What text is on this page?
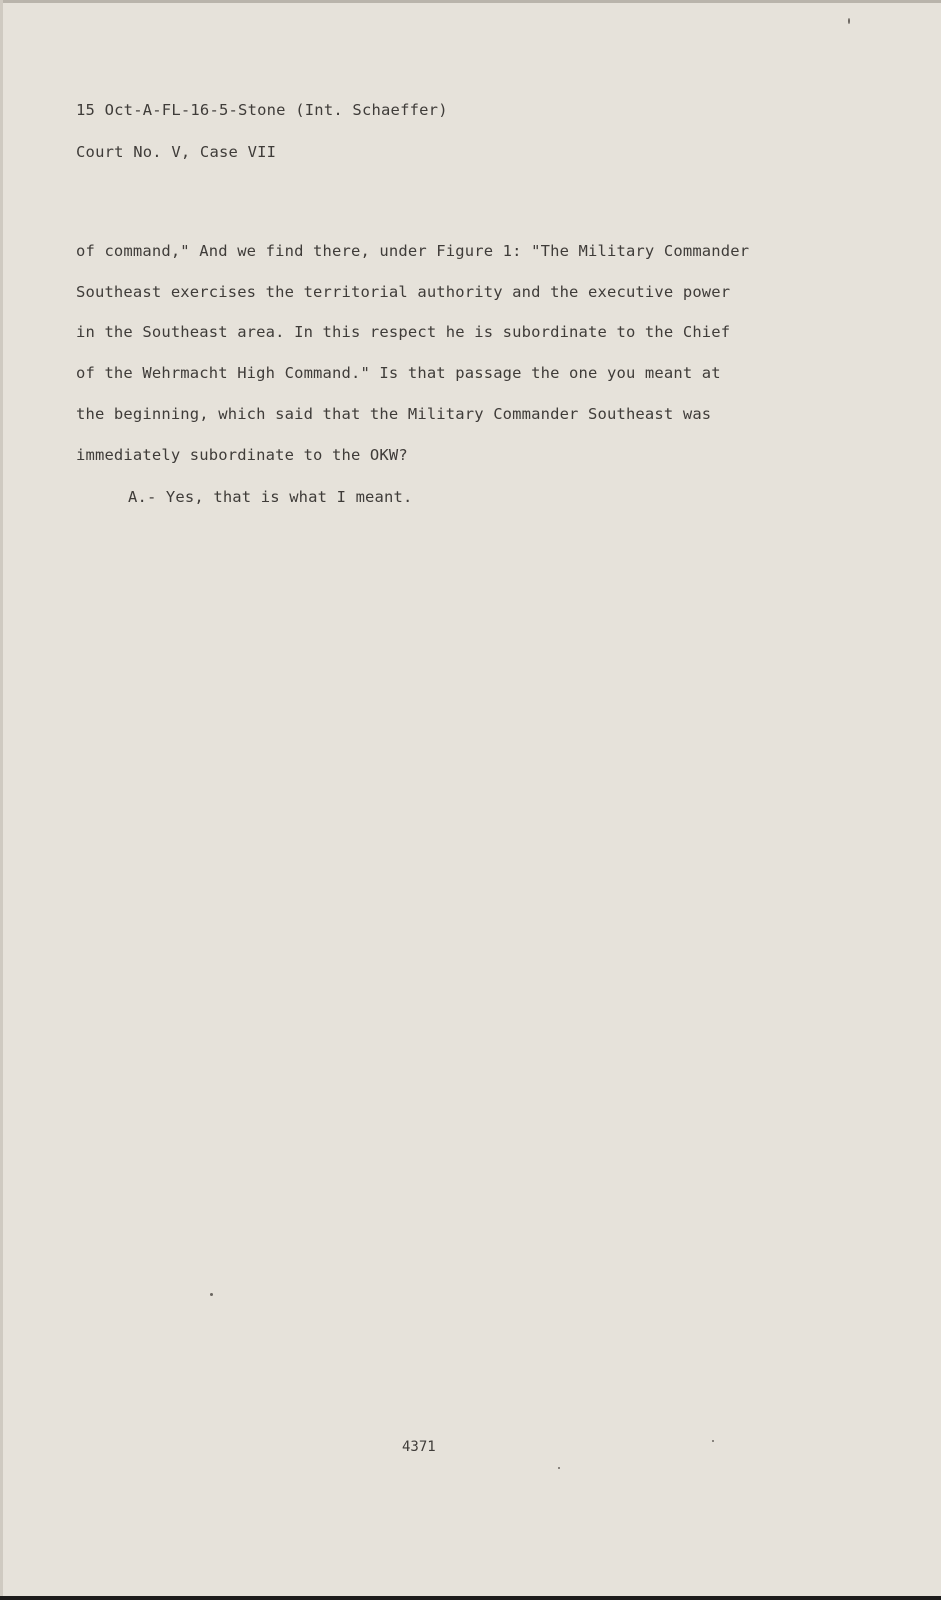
15 Oct-A-FL-16-5-Stone (Int. Schaeffer)
Court No. V, Case VII
of command," And we find there, under Figure 1: "The Military Commander
Southeast exercises the territorial authority and the executive power
in the Southeast area. In this respect he is subordinate to the Chief
of the Wehrmacht High Command." Is that passage the one you meant at
the beginning, which said that the Military Commander Southeast was
immediately subordinate to the OKW?
A.- Yes, that is what I meant.
4371
